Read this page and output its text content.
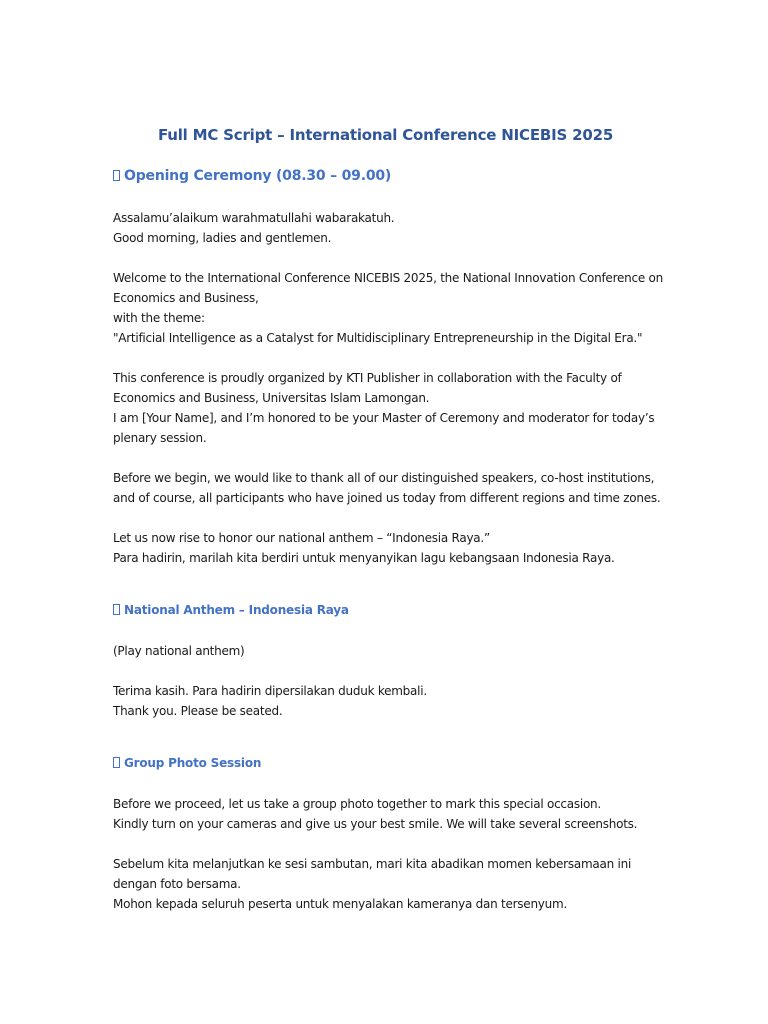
Full MC Script – International Conference NICEBIS 2025
Opening Ceremony (08.30 – 09.00)
Assalamu’alaikum warahmatullahi wabarakatuh.
Good morning, ladies and gentlemen.
Welcome to the International Conference NICEBIS 2025, the National Innovation Conference on
Economics and Business,
with the theme:
"Artificial Intelligence as a Catalyst for Multidisciplinary Entrepreneurship in the Digital Era."
This conference is proudly organized by KTI Publisher in collaboration with the Faculty of
Economics and Business, Universitas Islam Lamongan.
I am [Your Name], and I’m honored to be your Master of Ceremony and moderator for today’s
plenary session.
Before we begin, we would like to thank all of our distinguished speakers, co-host institutions,
and of course, all participants who have joined us today from different regions and time zones.
Let us now rise to honor our national anthem – “Indonesia Raya.”
Para hadirin, marilah kita berdiri untuk menyanyikan lagu kebangsaan Indonesia Raya.
National Anthem – Indonesia Raya
(Play national anthem)
Terima kasih. Para hadirin dipersilakan duduk kembali.
Thank you. Please be seated.
Group Photo Session
Before we proceed, let us take a group photo together to mark this special occasion.
Kindly turn on your cameras and give us your best smile. We will take several screenshots.
Sebelum kita melanjutkan ke sesi sambutan, mari kita abadikan momen kebersamaan ini
dengan foto bersama.
Mohon kepada seluruh peserta untuk menyalakan kameranya dan tersenyum.
